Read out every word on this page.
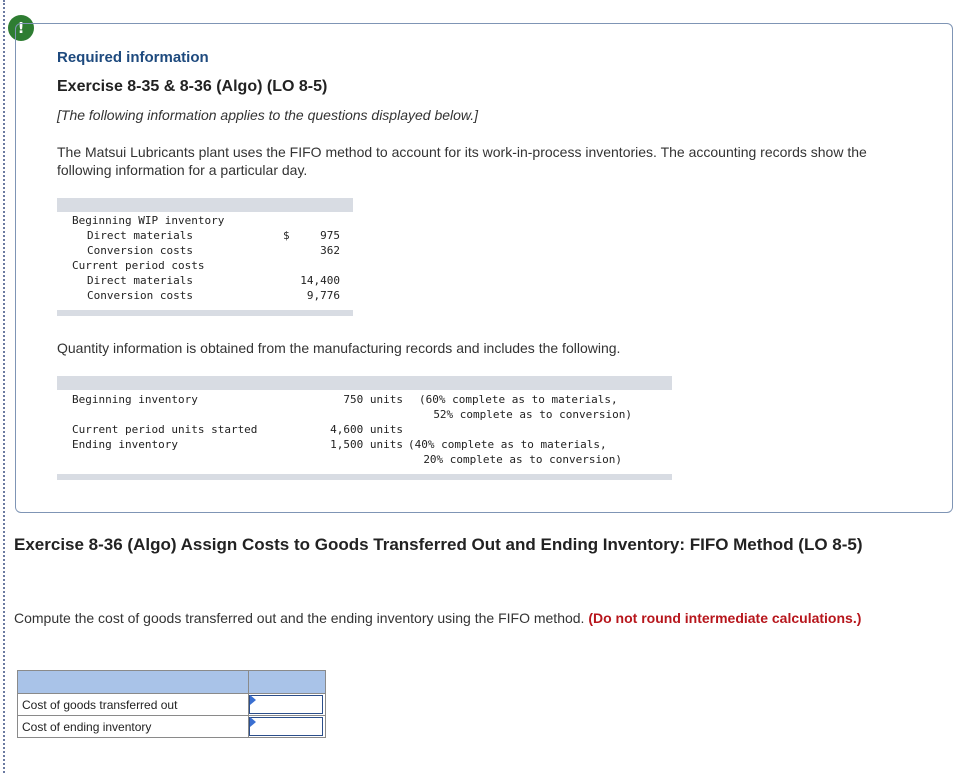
!
Required information
Exercise 8-35 & 8-36 (Algo) (LO 8-5)
[The following information applies to the questions displayed below.]
The Matsui Lubricants plant uses the FIFO method to account for its work-in-process inventories. The accounting records show the following information for a particular day.
Beginning WIP inventory
Direct materials	$	975
Conversion costs	362
Current period costs
Direct materials	14,400
Conversion costs	9,776
Quantity information is obtained from the manufacturing records and includes the following.
Beginning inventory	750 units (60% complete as to materials,
52% complete as to conversion)
Current period units started	4,600 units
Ending inventory	1,500 units (40% complete as to materials,
20% complete as to conversion)
Exercise 8-36 (Algo) Assign Costs to Goods Transferred Out and Ending Inventory: FIFO Method (LO 8-5)
Compute the cost of goods transferred out and the ending inventory using the FIFO method. (Do not round intermediate calculations.)

Cost of goods transferred out	

Cost of ending inventory	
